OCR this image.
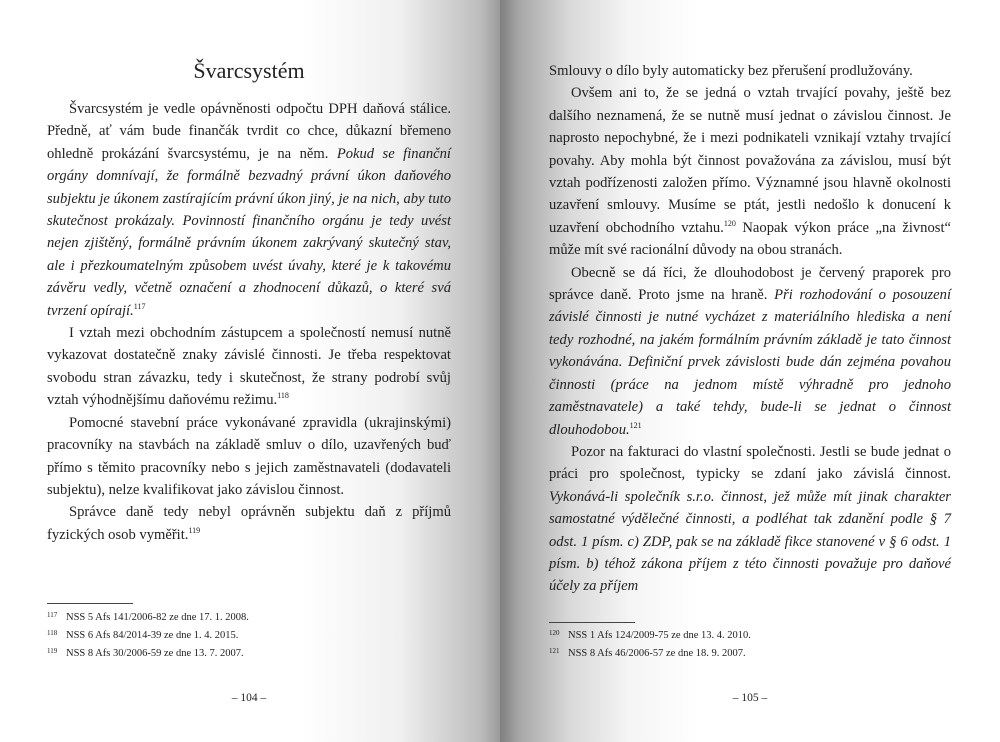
Švarcsystém

Švarcsystém je vedle opávněnosti odpočtu DPH daňová stálice. Předně, ať vám bude finančák tvrdit co chce, důkazní břemeno ohledně prokázání švarcsystému, je na něm. Pokud se finanční orgány domnívají, že formálně bezvadný právní úkon daňového subjektu je úkonem zastírajícím právní úkon jiný, je na nich, aby tuto skutečnost prokázaly. Povinností finančního orgánu je tedy uvést nejen zjištěný, formálně právním úkonem zakrývaný skutečný stav, ale i přezkoumatelným způsobem uvést úvahy, které je k takovému závěru vedly, včetně označení a zhodnocení důkazů, o které svá tvrzení opírají.$^{117}$

I vztah mezi obchodním zástupcem a společností nemusí nutně vykazovat dostatečně znaky závislé činnosti. Je třeba respektovat svobodu stran závazku, tedy i skutečnost, že strany podrobí svůj vztah výhodnějšímu daňovému režimu.$^{118}$

Pomocné stavební práce vykonávané zpravidla (ukrajinskými) pracovníky na stavbách na základě smluv o dílo, uzavřených buď přímo s těmito pracovníky nebo s jejich zaměstnavateli (dodavateli subjektu), nelze kvalifikovat jako závislou činnost.

Správce daně tedy nebyl oprávněn subjektu daň z příjmů fyzických osob vyměřit.$^{119}$

117 NSS 5 Afs 141/2006-82 ze dne 17. 1. 2008.
118 NSS 6 Afs 84/2014-39 ze dne 1. 4. 2015.
119 NSS 8 Afs 30/2006-59 ze dne 13. 7. 2007.
– 104 –

Smlouvy o dílo byly automaticky bez přerušení prodlužovány.

Ovšem ani to, že se jedná o vztah trvající povahy, ještě bez dalšího neznamená, že se nutně musí jednat o závislou činnost. Je naprosto nepochybné, že i mezi podnikateli vznikají vztahy trvající povahy. Aby mohla být činnost považována za závislou, musí být vztah podřízenosti založen přímo. Významné jsou hlavně okolnosti uzavření smlouvy. Musíme se ptát, jestli nedošlo k donucení k uzavření obchodního vztahu.$^{120}$ Naopak výkon práce „na živnost“ může mít své racionální důvody na obou stranách.

Obecně se dá říci, že dlouhodobost je červený praporek pro správce daně. Proto jsme na hraně. Při rozhodování o posouzení závislé činnosti je nutné vycházet z materiálního hlediska a není tedy rozhodné, na jakém formálním právním základě je tato činnost vykonávána. Definiční prvek závislosti bude dán zejména povahou činnosti (práce na jednom místě výhradně pro jednoho zaměstnavatele) a také tehdy, bude-li se jednat o činnost dlouhodobou.$^{121}$

Pozor na fakturaci do vlastní společnosti. Jestli se bude jednat o práci pro společnost, typicky se zdaní jako závislá činnost. Vykonává-li společník s.r.o. činnost, jež může mít jinak charakter samostatné výdělečné činnosti, a podléhat tak zdanění podle § 7 odst. 1 písm. c) ZDP, pak se na základě fikce stanovené v § 6 odst. 1 písm. b) téhož zákona příjem z této činnosti považuje pro daňové účely za příjem

120 NSS 1 Afs 124/2009-75 ze dne 13. 4. 2010.
121 NSS 8 Afs 46/2006-57 ze dne 18. 9. 2007.
– 105 –
